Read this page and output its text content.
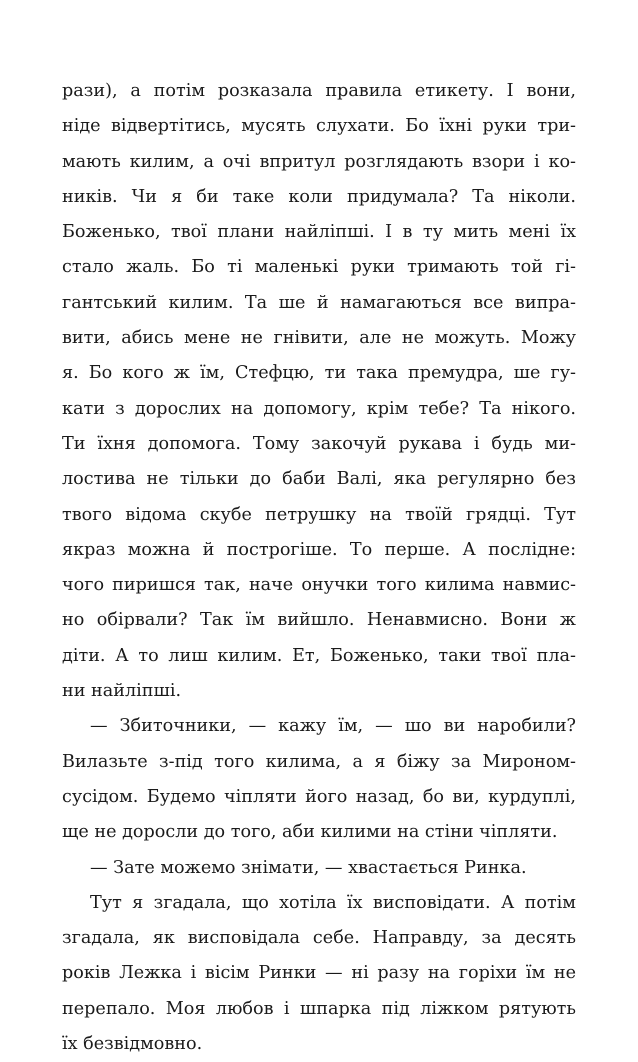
рази), а потім розказала правила етикету. І вони,
ніде відвертітись, мусять слухати. Бо їхні руки три-
мають килим, а очі впритул розглядають взори і ко-
ників. Чи я би таке коли придумала? Та ніколи.
Боженько, твої плани найліпші. І в ту мить мені їх
стало жаль. Бо ті маленькі руки тримають той гі-
гантський килим. Та ше й намагаються все випра-
вити, абись мене не гнівити, але не можуть. Можу
я. Бо кого ж їм, Стефцю, ти така премудра, ше гу-
кати з дорослих на допомогу, крім тебе? Та нікого.
Ти їхня допомога. Тому закочуй рукава і будь ми-
лостива не тільки до баби Валі, яка регулярно без
твого відома скубе петрушку на твоїй грядці. Тут
якраз можна й построгіше. То перше. А послідне:
чого пиришся так, наче онучки того килима навмис-
но обірвали? Так їм вийшло. Ненавмисно. Вони ж
діти. А то лиш килим. Ет, Боженько, таки твої пла-
ни найліпші.
— Збиточники, — кажу їм, — шо ви наробили?
Вилазьте з-під того килима, а я біжу за Мироном-
сусідом. Будемо чіпляти його назад, бо ви, курдуплі,
ще не доросли до того, аби килими на стіни чіпляти.
— Зате можемо знімати, — хвастається Ринка.
Тут я згадала, що хотіла їх висповідати. А потім
згадала, як висповідала себе. Направду, за десять
років Лежка і вісім Ринки — ні разу на горіхи їм не
перепало. Моя любов і шпарка під ліжком рятують
їх безвідмовно.
